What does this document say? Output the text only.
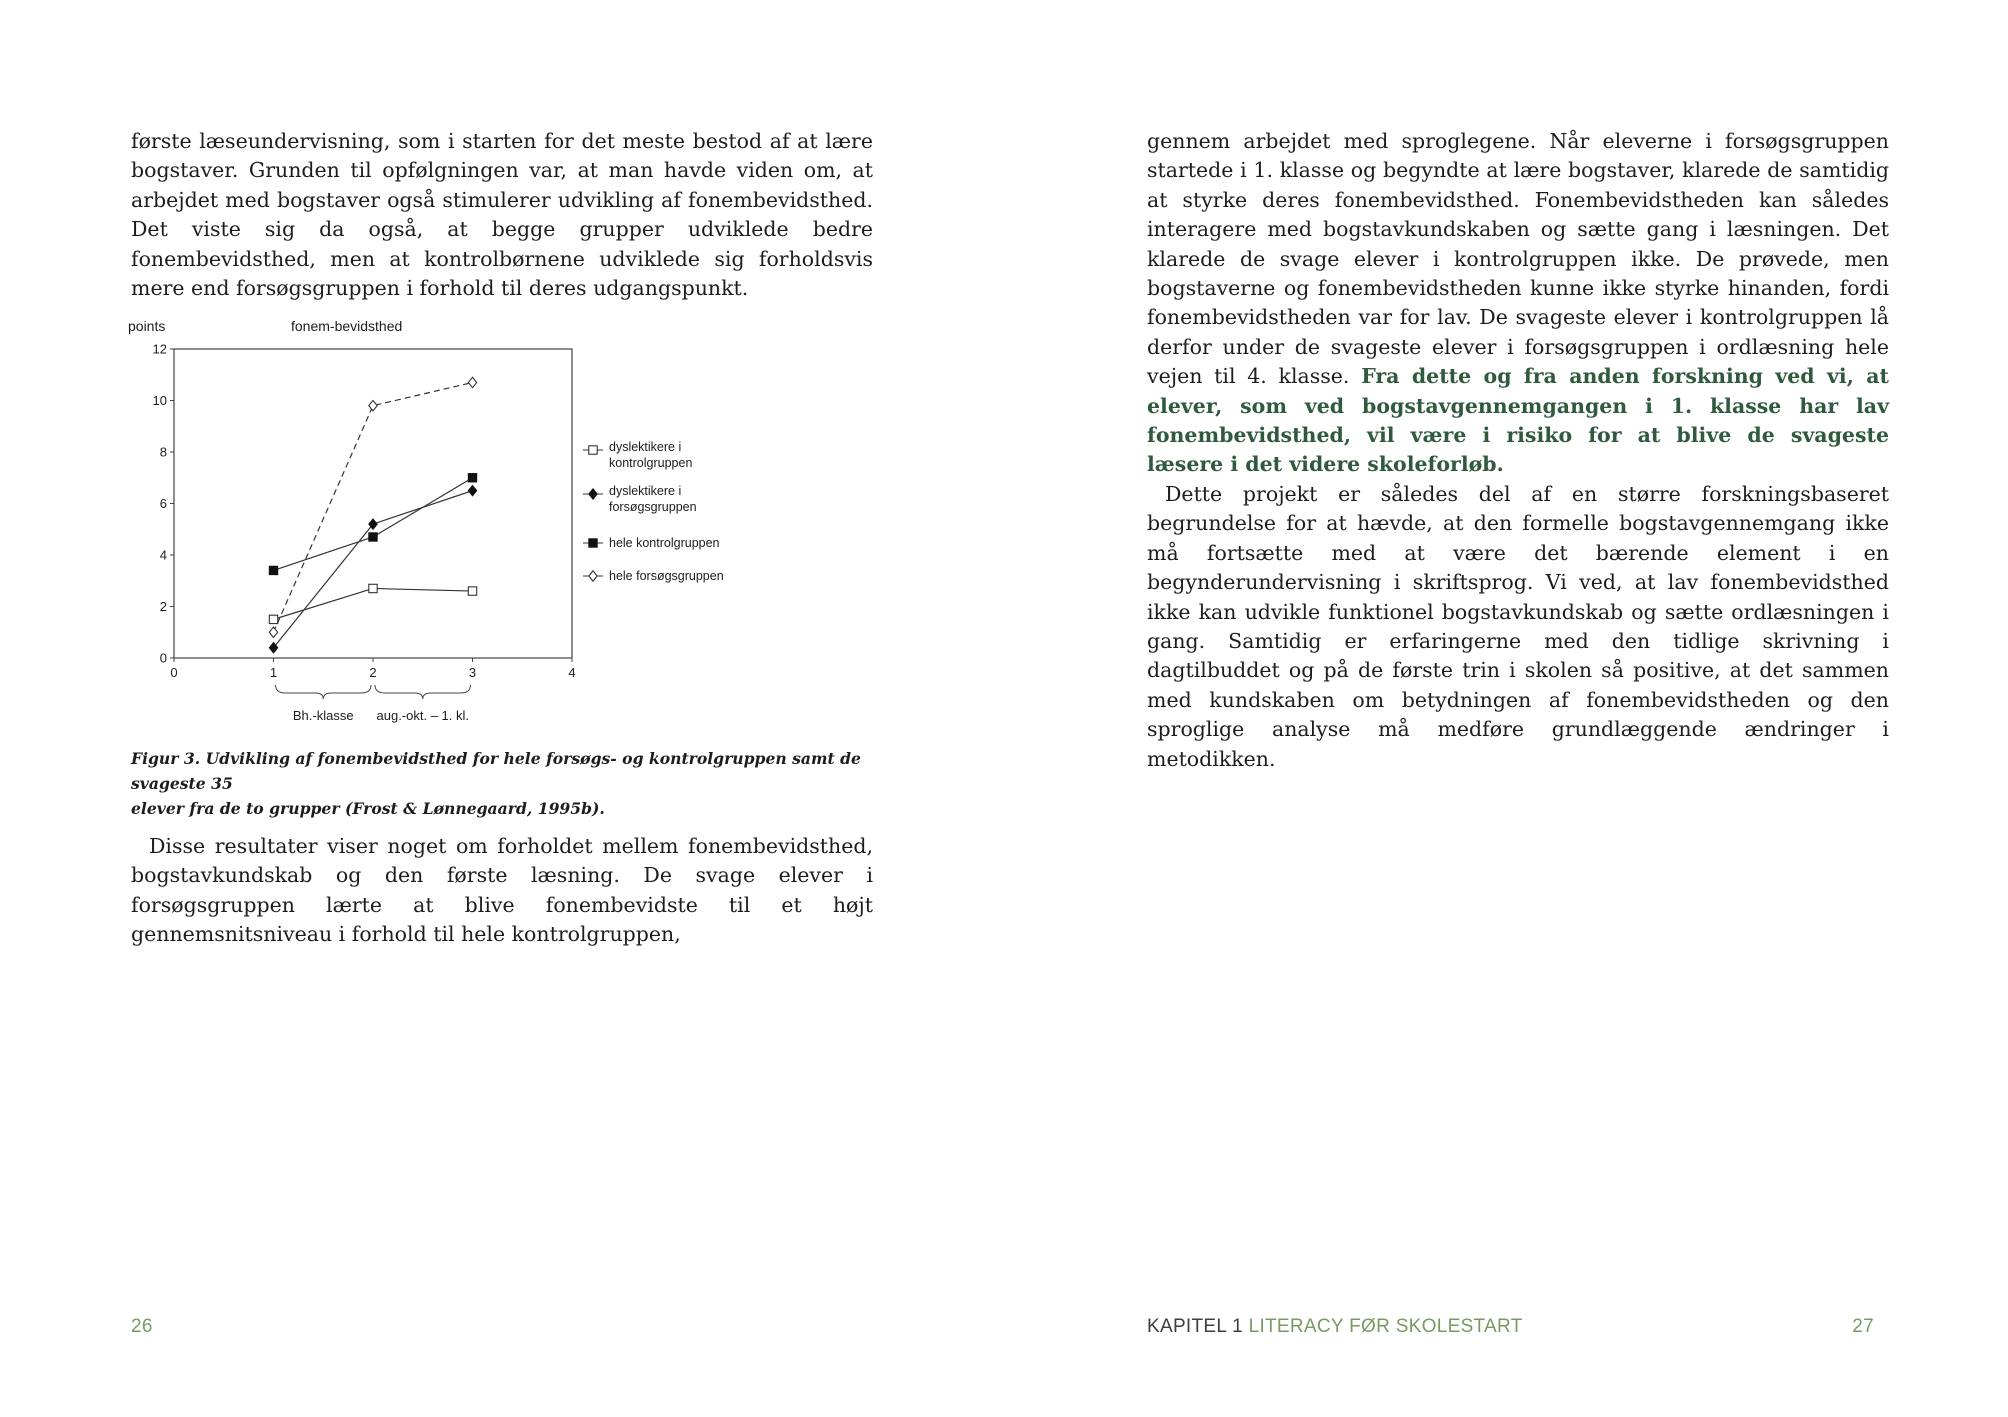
første læseundervisning, som i starten for det meste bestod af at lære bogstaver. Grunden til opfølgningen var, at man havde viden om, at arbejdet med bogstaver også stimulerer udvikling af fonembevidsthed. Det viste sig da også, at begge grupper udviklede bedre fonembevidsthed, men at kontrolbørnene udviklede sig forholdsvis mere end forsøgsgruppen i forhold til deres udgangspunkt.

0
2
4
6
8
10
12
0	1	2	3	4
points	fonem-bevidsthed
Bh.-klasse aug.-okt. – 1. kl.
dyslektikere i
kontrolgruppen
dyslektikere i
forsøgsgruppen
hele kontrolgruppen
hele forsøgsgruppen

Figur 3. Udvikling af fonembevidsthed for hele forsøgs- og kontrolgruppen samt de svageste 35

elever fra de to grupper (Frost & Lønnegaard, 1995b).

Disse resultater viser noget om forholdet mellem fonembevidsthed, bogstavkundskab og den første læsning. De svage elever i forsøgsgruppen lærte at blive fonembevidste til et højt gennemsnitsniveau i forhold til hele kontrolgruppen,

26

gennem arbejdet med sproglegene. Når eleverne i forsøgsgruppen startede i 1. klasse og begyndte at lære bogstaver, klarede de samtidig at styrke deres fonembevidsthed. Fonembevidstheden kan således interagere med bogstavkundskaben og sætte gang i læsningen. Det klarede de svage elever i kontrolgruppen ikke. De prøvede, men bogstaverne og fonembevidstheden kunne ikke styrke hinanden, fordi fonembevidstheden var for lav. De svageste elever i kontrolgruppen lå derfor under de svageste elever i forsøgsgruppen i ordlæsning hele vejen til 4. klasse. Fra dette og fra anden forskning ved vi, at elever, som ved bogstavgennemgangen i 1. klasse har lav fonembevidsthed, vil være i risiko for at blive de svageste læsere i det videre skoleforløb.

Dette projekt er således del af en større forskningsbaseret begrundelse for at hævde, at den formelle bogstavgennemgang ikke må fortsætte med at være det bærende element i en begynderundervisning i skriftsprog. Vi ved, at lav fonembevidsthed ikke kan udvikle funktionel bogstavkundskab og sætte ordlæsningen i gang. Samtidig er erfaringerne med den tidlige skrivning i dagtilbuddet og på de første trin i skolen så positive, at det sammen med kundskaben om betydningen af fonembevidstheden og den sproglige analyse må medføre grundlæggende ændringer i metodikken.

KAPITEL 1 LITERACY FØR SKOLESTART	27
